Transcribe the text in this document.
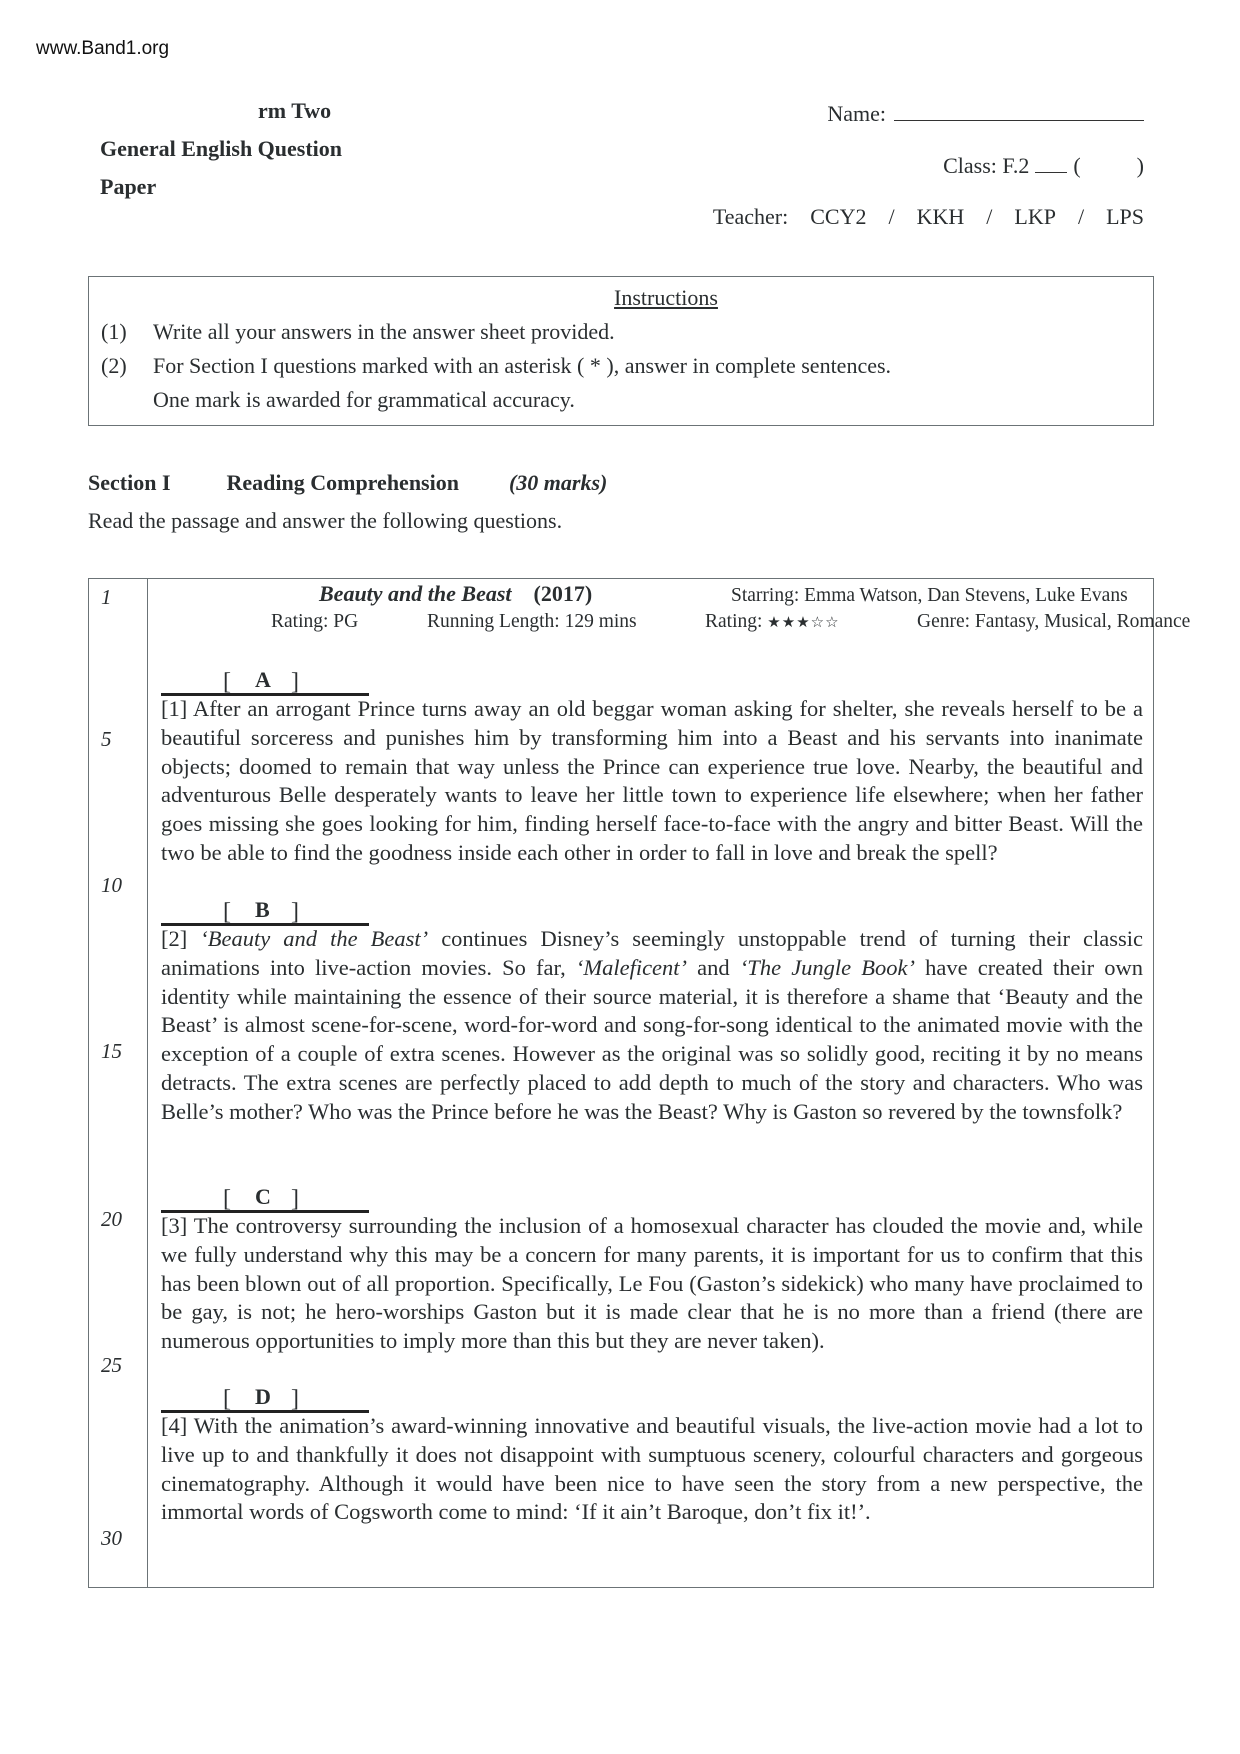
www.Band1.org
rm Two
General English Question
Paper
Name:
Class: F.2 (	)
Teacher: CCY2 / KKH / LKP / LPS
Instructions
(1)	Write all your answers in the answer sheet provided.
(2)	For Section I questions marked with an asterisk ( * ), answer in complete sentences.
One mark is awarded for grammatical accuracy.
Section I	Reading Comprehension (30 marks)
Read the passage and answer the following questions.
1
5
10
15
20
25
30
Beauty and the Beast (2017)	Starring: Emma Watson, Dan Stevens, Luke Evans
Rating: PG	Running Length: 129 mins	Rating: ★★★☆☆	Genre: Fantasy, Musical, Romance
[ A ]
[1] After an arrogant Prince turns away an old beggar woman asking for shelter, she reveals herself to be a beautiful sorceress and punishes him by transforming him into a Beast and his servants into inanimate objects; doomed to remain that way unless the Prince can experience true love. Nearby, the beautiful and adventurous Belle desperately wants to leave her little town to experience life elsewhere; when her father goes missing she goes looking for him, finding herself face-to-face with the angry and bitter Beast. Will the two be able to find the goodness inside each other in order to fall in love and break the spell?
[ B ]
[2] ‘Beauty and the Beast’ continues Disney’s seemingly unstoppable trend of turning their classic animations into live-action movies. So far, ‘Maleficent’ and ‘The Jungle Book’ have created their own identity while maintaining the essence of their source material, it is therefore a shame that ‘Beauty and the Beast’ is almost scene-for-scene, word-for-word and song-for-song identical to the animated movie with the exception of a couple of extra scenes. However as the original was so solidly good, reciting it by no means detracts. The extra scenes are perfectly placed to add depth to much of the story and characters. Who was Belle’s mother? Who was the Prince before he was the Beast? Why is Gaston so revered by the townsfolk?
[ C ]
[3] The controversy surrounding the inclusion of a homosexual character has clouded the movie and, while we fully understand why this may be a concern for many parents, it is important for us to confirm that this has been blown out of all proportion. Specifically, Le Fou (Gaston’s sidekick) who many have proclaimed to be gay, is not; he hero-worships Gaston but it is made clear that he is no more than a friend (there are numerous opportunities to imply more than this but they are never taken).
[ D ]
[4] With the animation’s award-winning innovative and beautiful visuals, the live-action movie had a lot to live up to and thankfully it does not disappoint with sumptuous scenery, colourful characters and gorgeous cinematography. Although it would have been nice to have seen the story from a new perspective, the immortal words of Cogsworth come to mind: ‘If it ain’t Baroque, don’t fix it!’.
